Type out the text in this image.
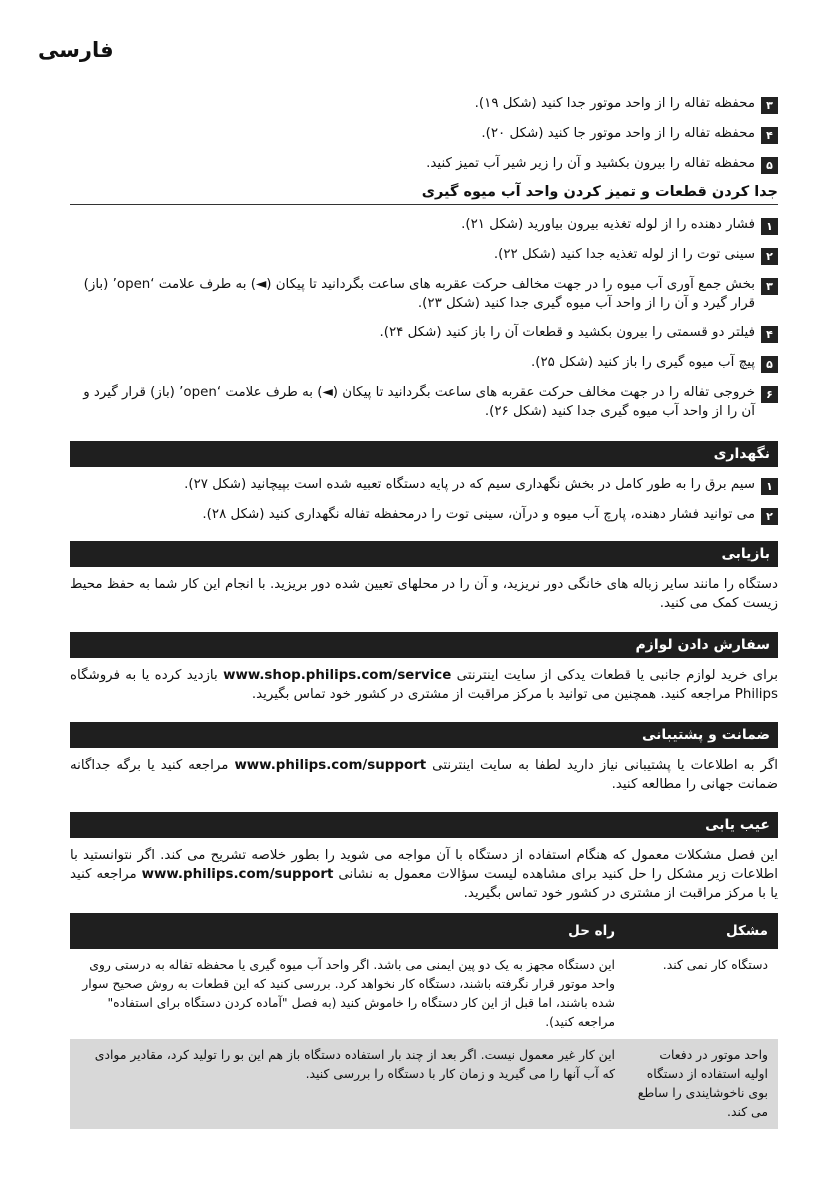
فارسی
۳
محفظه تفاله را از واحد موتور جدا کنید (شکل ۱۹).
۴
محفظه تفاله را از واحد موتور جا کنید (شکل ۲۰).
۵
محفظه تفاله را بیرون بکشید و آن را زیر شیر آب تمیز کنید.
جدا کردن قطعات و تمیز کردن واحد آب میوه گیری
۱
فشار دهنده را از لوله تغذیه بیرون بیاورید (شکل ۲۱).
۲
سینی توت را از لوله تغذیه جدا کنید (شکل ۲۲).
۳
بخش جمع آوری آب میوه را در جهت مخالف حرکت عقربه های ساعت بگردانید تا پیکان (◄) به طرف علامت ‘open’ (باز) قرار گیرد و آن را از واحد آب میوه گیری جدا کنید (شکل ۲۳).
۴
فیلتر دو قسمتی را بیرون بکشید و قطعات آن را باز کنید (شکل ۲۴).
۵
پیچ آب میوه گیری را باز کنید (شکل ۲۵).
۶
خروجی تفاله را در جهت مخالف حرکت عقربه های ساعت بگردانید تا پیکان (◄) به طرف علامت ‘open’ (باز) قرار گیرد و آن را از واحد آب میوه گیری جدا کنید (شکل ۲۶).
نگهداری
۱
سیم برق را به طور کامل در بخش نگهداری سیم که در پایه دستگاه تعبیه شده است بپیچانید (شکل ۲۷).
۲
می توانید فشار دهنده، پارچ آب میوه و درآن، سینی توت را درمحفظه تفاله نگهداری کنید (شکل ۲۸).
بازیابی
دستگاه را مانند سایر زباله های خانگی دور نریزید، و آن را در محلهای تعیین شده دور بریزید. با انجام این کار شما به حفظ محیط زیست کمک می کنید.
سفارش دادن لوازم
برای خرید لوازم جانبی یا قطعات یدکی از سایت اینترنتی www.shop.philips.com/service بازدید کرده یا به فروشگاه Philips مراجعه کنید. همچنین می توانید با مرکز مراقبت از مشتری در کشور خود تماس بگیرید.
ضمانت و پشتیبانی
اگر به اطلاعات یا پشتیبانی نیاز دارید لطفا به سایت اینترنتی www.philips.com/support مراجعه کنید یا برگه جداگانه ضمانت جهانی را مطالعه کنید.
عیب یابی
این فصل مشکلات معمول که هنگام استفاده از دستگاه با آن مواجه می شوید را بطور خلاصه تشریح می کند. اگر نتوانستید با اطلاعات زیر مشکل را حل کنید برای مشاهده لیست سؤالات معمول به نشانی www.philips.com/support مراجعه کنید یا با مرکز مراقبت از مشتری در کشور خود تماس بگیرید.
مشکل	راه حل
دستگاه کار نمی کند.	این دستگاه مجهز به یک دو پین ایمنی می باشد. اگر واحد آب میوه گیری یا محفظه تفاله به درستی روی واحد موتور قرار نگرفته باشند، دستگاه کار نخواهد کرد. بررسی کنید که این قطعات به روش صحیح سوار شده باشند، اما قبل از این کار دستگاه را خاموش کنید (به فصل "آماده کردن دستگاه برای استفاده" مراجعه کنید).
واحد موتور در دفعات اولیه استفاده از دستگاه بوی ناخوشایندی را ساطع می کند.	این کار غیر معمول نیست. اگر بعد از چند بار استفاده دستگاه باز هم این بو را تولید کرد، مقادیر موادی که آب آنها را می گیرید و زمان کار با دستگاه را بررسی کنید.
